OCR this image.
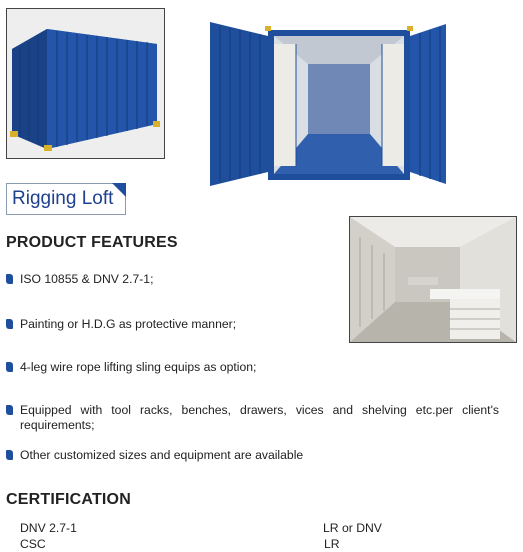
Rigging Loft
PRODUCT FEATURES
ISO 10855 & DNV 2.7-1;
Painting or H.D.G as protective manner;
4-leg wire rope lifting sling equips as option;
Equipped with tool racks, benches, drawers, vices and shelving etc.per client's requirements;
Other customized sizes and equipment are available
CERTIFICATION
DNV 2.7-1	LR or DNV
CSC	LR
